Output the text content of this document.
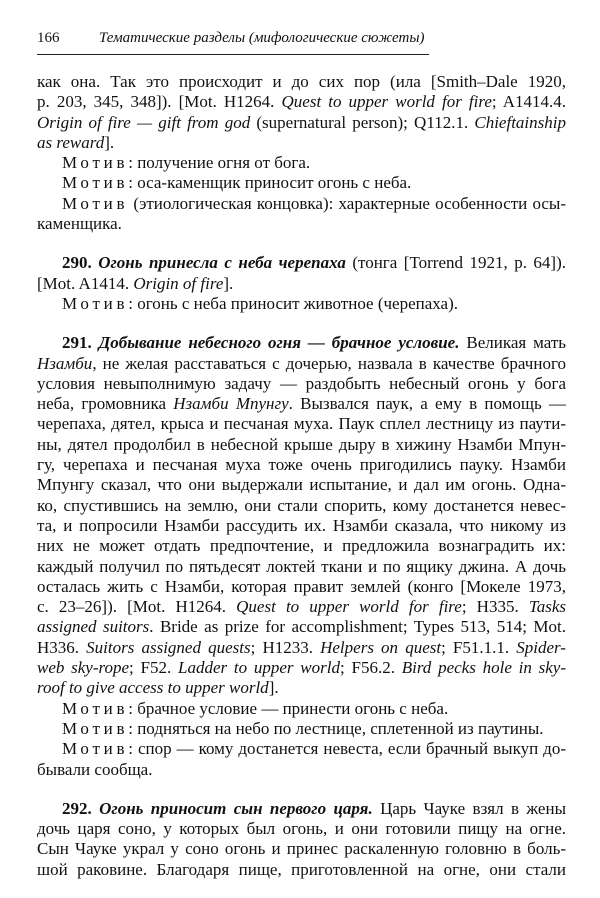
166	Тематические разделы (мифологические сюжеты)
как она. Так это происходит и до сих пор (ила [Smith–Dale 1920,
p. 203, 345, 348]). [Mot. H1264. Quest to upper world for fire; A1414.4.
Origin of fire — gift from god (supernatural person); Q112.1. Chieftainship
as reward].
Мотив: получение огня от бога.
Мотив: оса-каменщик приносит огонь с неба.
Мотив (этиологическая концовка): характерные особенности осы-
каменщика.
290. Огонь принесла с неба черепаха (тонга [Torrend 1921, p. 64]).
[Mot. A1414. Origin of fire].
Мотив: огонь с неба приносит животное (черепаха).
291. Добывание небесного огня — брачное условие. Великая мать
Нзамби, не желая расставаться с дочерью, назвала в качестве брачного
условия невыполнимую задачу — раздобыть небесный огонь у бога
неба, громовника Нзамби Мпунгу. Вызвался паук, а ему в помощь —
черепаха, дятел, крыса и песчаная муха. Паук сплел лестницу из паути-
ны, дятел продолбил в небесной крыше дыру в хижину Нзамби Мпун-
гу, черепаха и песчаная муха тоже очень пригодились пауку. Нзамби
Мпунгу сказал, что они выдержали испытание, и дал им огонь. Одна-
ко, спустившись на землю, они стали спорить, кому достанется невес-
та, и попросили Нзамби рассудить их. Нзамби сказала, что никому из
них не может отдать предпочтение, и предложила вознаградить их:
каждый получил по пятьдесят локтей ткани и по ящику джина. А дочь
осталась жить с Нзамби, которая правит землей (конго [Мокеле 1973,
с. 23–26]). [Mot. H1264. Quest to upper world for fire; H335. Tasks
assigned suitors. Bride as prize for accomplishment; Types 513, 514; Mot.
H336. Suitors assigned quests; H1233. Helpers on quest; F51.1.1. Spider-
web sky-rope; F52. Ladder to upper world; F56.2. Bird pecks hole in sky-
roof to give access to upper world].
Мотив: брачное условие — принести огонь с неба.
Мотив: подняться на небо по лестнице, сплетенной из паутины.
Мотив: спор — кому достанется невеста, если брачный выкуп до-
бывали сообща.
292. Огонь приносит сын первого царя. Царь Чауке взял в жены
дочь царя соно, у которых был огонь, и они готовили пищу на огне.
Сын Чауке украл у соно огонь и принес раскаленную головню в боль-
шой раковине. Благодаря пище, приготовленной на огне, они стали
